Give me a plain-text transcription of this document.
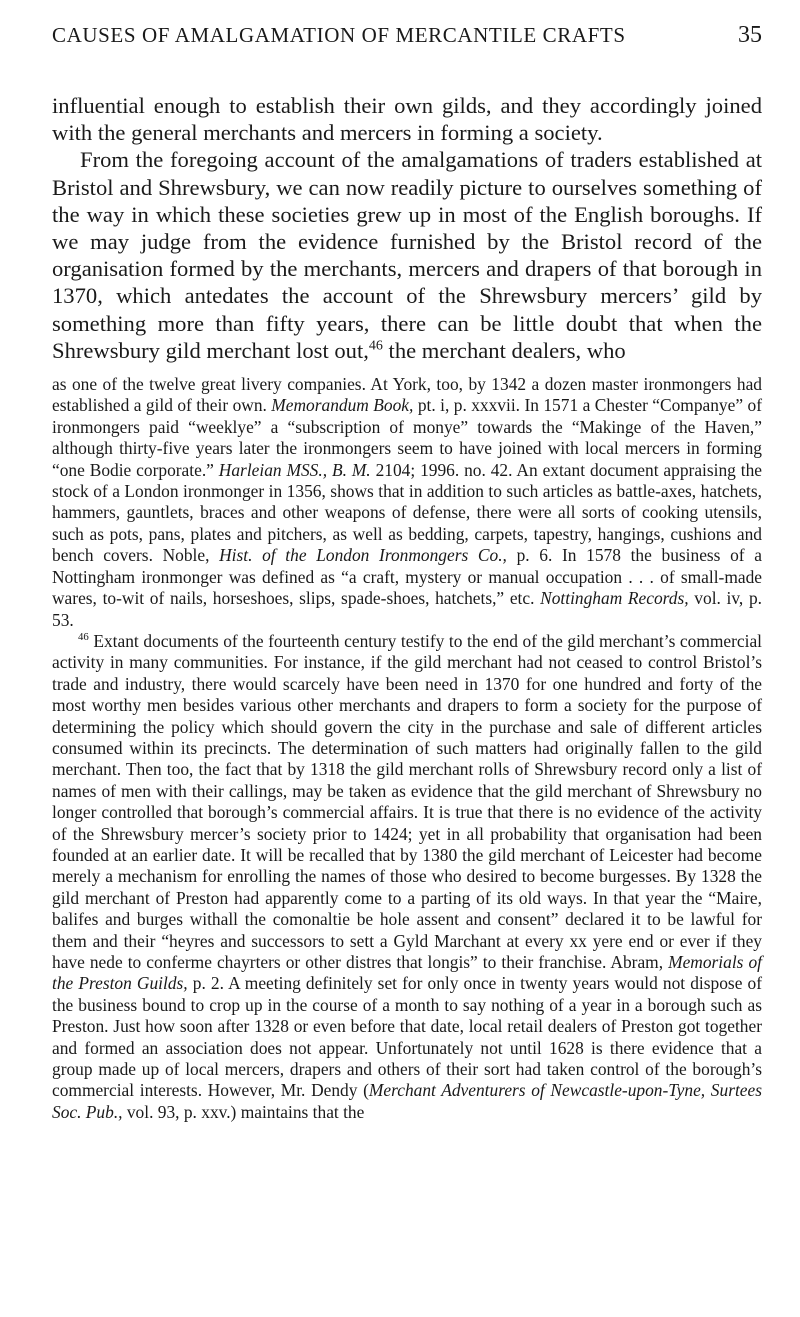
CAUSES OF AMALGAMATION OF MERCANTILE CRAFTS	35

influential enough to establish their own gilds, and they accordingly joined with the general merchants and mercers in forming a society.

From the foregoing account of the amalgamations of traders established at Bristol and Shrewsbury, we can now readily picture to ourselves something of the way in which these societies grew up in most of the English boroughs. If we may judge from the evidence furnished by the Bristol record of the organisation formed by the merchants, mercers and drapers of that borough in 1370, which antedates the account of the Shrewsbury mercers’ gild by something more than fifty years, there can be little doubt that when the Shrewsbury gild merchant lost out,$^{46}$ the merchant dealers, who

as one of the twelve great livery companies. At York, too, by 1342 a dozen master ironmongers had established a gild of their own. Memorandum Book, pt. i, p. xxxvii. In 1571 a Chester “Companye” of ironmongers paid “weeklye” a “subscription of monye” towards the “Makinge of the Haven,” although thirty-five years later the ironmongers seem to have joined with local mercers in forming “one Bodie corporate.” Harleian MSS., B. M. 2104; 1996. no. 42. An extant document appraising the stock of a London ironmonger in 1356, shows that in addition to such articles as battle-axes, hatchets, hammers, gauntlets, braces and other weapons of defense, there were all sorts of cooking utensils, such as pots, pans, plates and pitchers, as well as bedding, carpets, tapestry, hangings, cushions and bench covers. Noble, Hist. of the London Ironmongers Co., p. 6. In 1578 the business of a Nottingham ironmonger was defined as “a craft, mystery or manual occupation . . . of small-made wares, to-wit of nails, horseshoes, slips, spade-shoes, hatchets,” etc. Nottingham Records, vol. iv, p. 53.

$^{46}$ Extant documents of the fourteenth century testify to the end of the gild merchant’s commercial activity in many communities. For instance, if the gild merchant had not ceased to control Bristol’s trade and industry, there would scarcely have been need in 1370 for one hundred and forty of the most worthy men besides various other merchants and drapers to form a society for the purpose of determining the policy which should govern the city in the purchase and sale of different articles consumed within its precincts. The determination of such matters had originally fallen to the gild merchant. Then too, the fact that by 1318 the gild merchant rolls of Shrewsbury record only a list of names of men with their callings, may be taken as evidence that the gild merchant of Shrewsbury no longer controlled that borough’s commercial affairs. It is true that there is no evidence of the activity of the Shrewsbury mercer’s society prior to 1424; yet in all probability that organisation had been founded at an earlier date. It will be recalled that by 1380 the gild merchant of Leicester had become merely a mechanism for enrolling the names of those who desired to become burgesses. By 1328 the gild merchant of Preston had apparently come to a parting of its old ways. In that year the “Maire, balifes and burges withall the comonaltie be hole assent and consent” declared it to be lawful for them and their “heyres and successors to sett a Gyld Marchant at every xx yere end or ever if they have nede to conferme chayrters or other distres that longis” to their franchise. Abram, Memorials of the Preston Guilds, p. 2. A meeting definitely set for only once in twenty years would not dispose of the business bound to crop up in the course of a month to say nothing of a year in a borough such as Preston. Just how soon after 1328 or even before that date, local retail dealers of Preston got together and formed an association does not appear. Unfortunately not until 1628 is there evidence that a group made up of local mercers, drapers and others of their sort had taken control of the borough’s commercial interests. However, Mr. Dendy (Merchant Adventurers of Newcastle-upon-Tyne, Surtees Soc. Pub., vol. 93, p. xxv.) maintains that the
